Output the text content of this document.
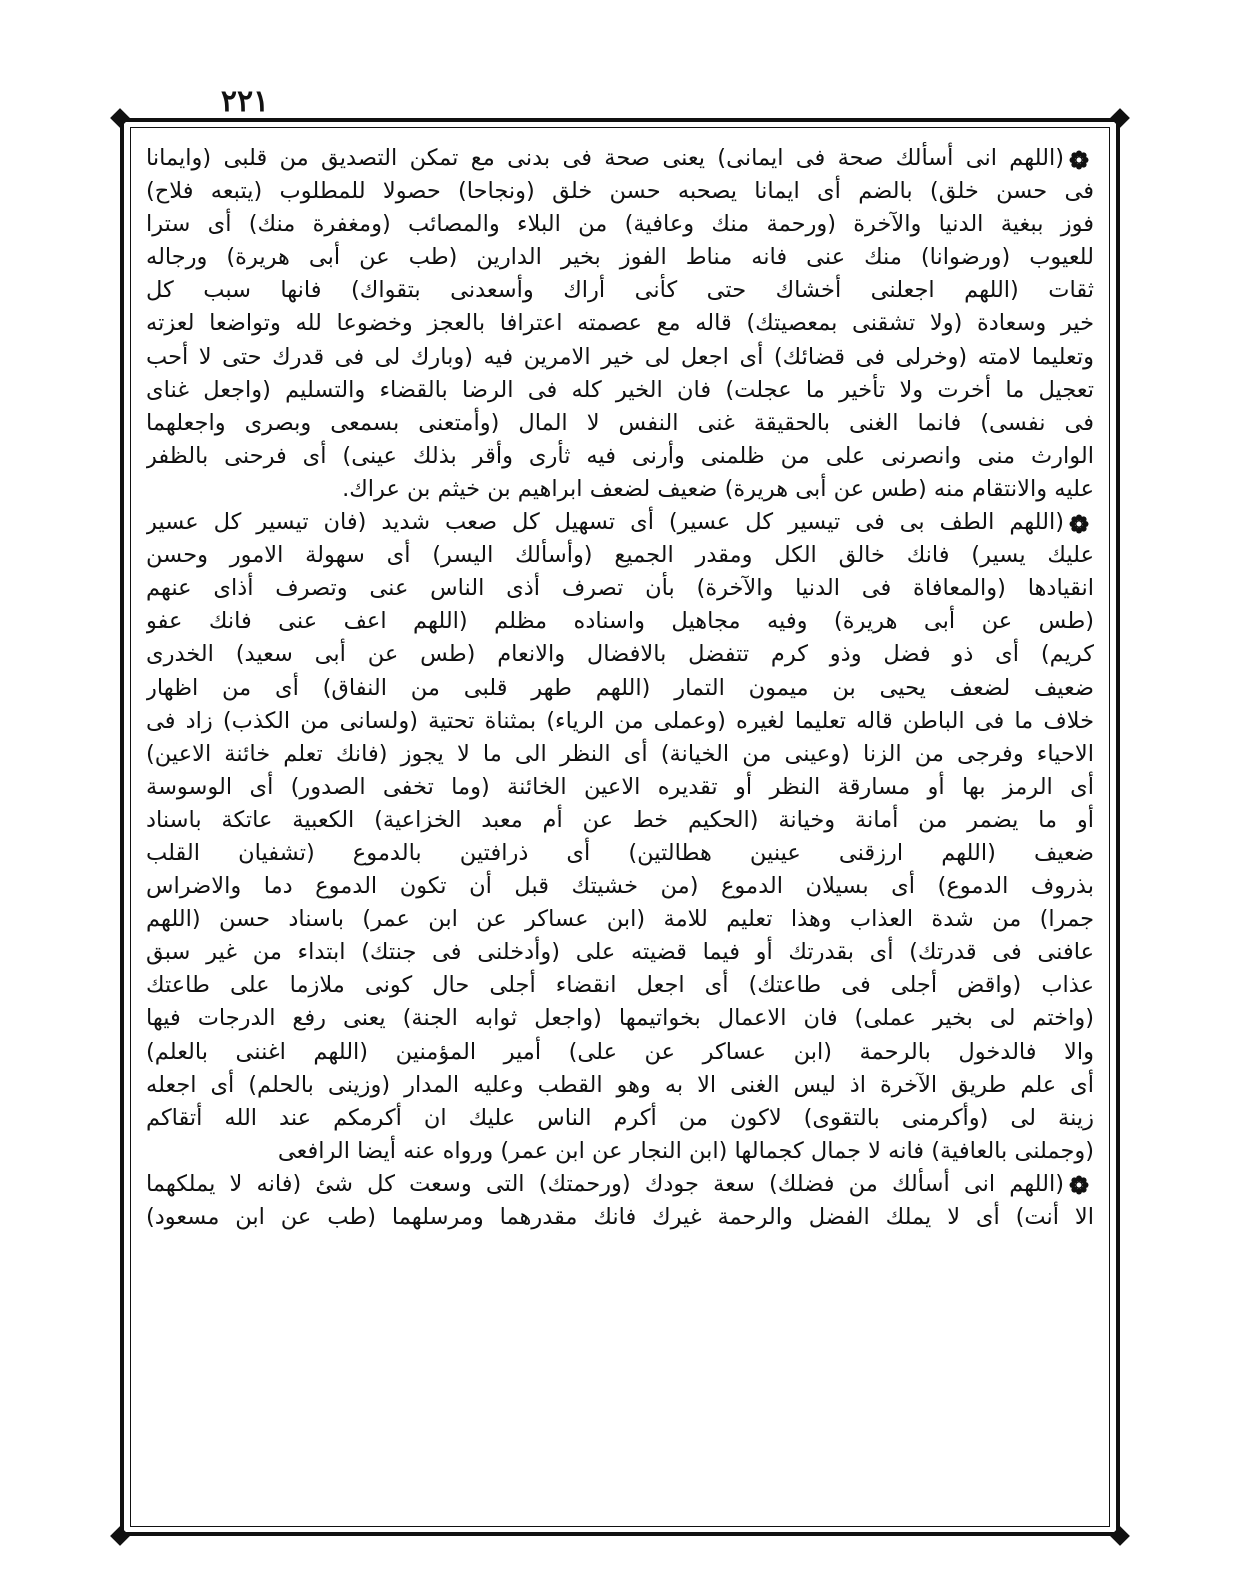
٢٢١
(اللهم انى أسألك صحة فى ايمانى) يعنى صحة فى بدنى مع تمكن التصديق من قلبى (وايمانا
فى حسن خلق) بالضم أى ايمانا يصحبه حسن خلق (ونجاحا) حصولا للمطلوب (يتبعه فلاح)
فوز ببغية الدنيا والآخرة (ورحمة منك وعافية) من البلاء والمصائب (ومغفرة منك) أى سترا
للعيوب (ورضوانا) منك عنى فانه مناط الفوز بخير الدارين (طب عن أبى هريرة) ورجاله
ثقات (اللهم اجعلنى أخشاك حتى كأنى أراك وأسعدنى بتقواك) فانها سبب كل
خير وسعادة (ولا تشقنى بمعصيتك) قاله مع عصمته اعترافا بالعجز وخضوعا لله وتواضعا لعزته
وتعليما لامته (وخرلى فى قضائك) أى اجعل لى خير الامرين فيه (وبارك لى فى قدرك حتى لا أحب
تعجيل ما أخرت ولا تأخير ما عجلت) فان الخير كله فى الرضا بالقضاء والتسليم (واجعل غناى
فى نفسى) فانما الغنى بالحقيقة غنى النفس لا المال (وأمتعنى بسمعى وبصرى واجعلهما
الوارث منى وانصرنى على من ظلمنى وأرنى فيه ثأرى وأقر بذلك عينى) أى فرحنى بالظفر
عليه والانتقام منه (طس عن أبى هريرة) ضعيف لضعف ابراهيم بن خيثم بن عراك.
(اللهم الطف بى فى تيسير كل عسير) أى تسهيل كل صعب شديد (فان تيسير كل عسير
عليك يسير) فانك خالق الكل ومقدر الجميع (وأسألك اليسر) أى سهولة الامور وحسن
انقيادها (والمعافاة فى الدنيا والآخرة) بأن تصرف أذى الناس عنى وتصرف أذاى عنهم
(طس عن أبى هريرة) وفيه مجاهيل واسناده مظلم (اللهم اعف عنى فانك عفو
كريم) أى ذو فضل وذو كرم تتفضل بالافضال والانعام (طس عن أبى سعيد) الخدرى
ضعيف لضعف يحيى بن ميمون التمار (اللهم طهر قلبى من النفاق) أى من اظهار
خلاف ما فى الباطن قاله تعليما لغيره (وعملى من الرياء) بمثناة تحتية (ولسانى من الكذب) زاد فى
الاحياء وفرجى من الزنا (وعينى من الخيانة) أى النظر الى ما لا يجوز (فانك تعلم خائنة الاعين)
أى الرمز بها أو مسارقة النظر أو تقديره الاعين الخائنة (وما تخفى الصدور) أى الوسوسة
أو ما يضمر من أمانة وخيانة (الحكيم خط عن أم معبد الخزاعية) الكعبية عاتكة باسناد
ضعيف (اللهم ارزقنى عينين هطالتين) أى ذرافتين بالدموع (تشفيان القلب
بذروف الدموع) أى بسيلان الدموع (من خشيتك قبل أن تكون الدموع دما والاضراس
جمرا) من شدة العذاب وهذا تعليم للامة (ابن عساكر عن ابن عمر) باسناد حسن (اللهم
عافنى فى قدرتك) أى بقدرتك أو فيما قضيته على (وأدخلنى فى جنتك) ابتداء من غير سبق
عذاب (واقض أجلى فى طاعتك) أى اجعل انقضاء أجلى حال كونى ملازما على طاعتك
(واختم لى بخير عملى) فان الاعمال بخواتيمها (واجعل ثوابه الجنة) يعنى رفع الدرجات فيها
والا فالدخول بالرحمة (ابن عساكر عن على) أمير المؤمنين (اللهم اغننى بالعلم)
أى علم طريق الآخرة اذ ليس الغنى الا به وهو القطب وعليه المدار (وزينى بالحلم) أى اجعله
زينة لى (وأكرمنى بالتقوى) لاكون من أكرم الناس عليك ان أكرمكم عند الله أتقاكم
(وجملنى بالعافية) فانه لا جمال كجمالها (ابن النجار عن ابن عمر) ورواه عنه أيضا الرافعى
(اللهم انى أسألك من فضلك) سعة جودك (ورحمتك) التى وسعت كل شئ (فانه لا يملكهما
الا أنت) أى لا يملك الفضل والرحمة غيرك فانك مقدرهما ومرسلهما (طب عن ابن مسعود)
